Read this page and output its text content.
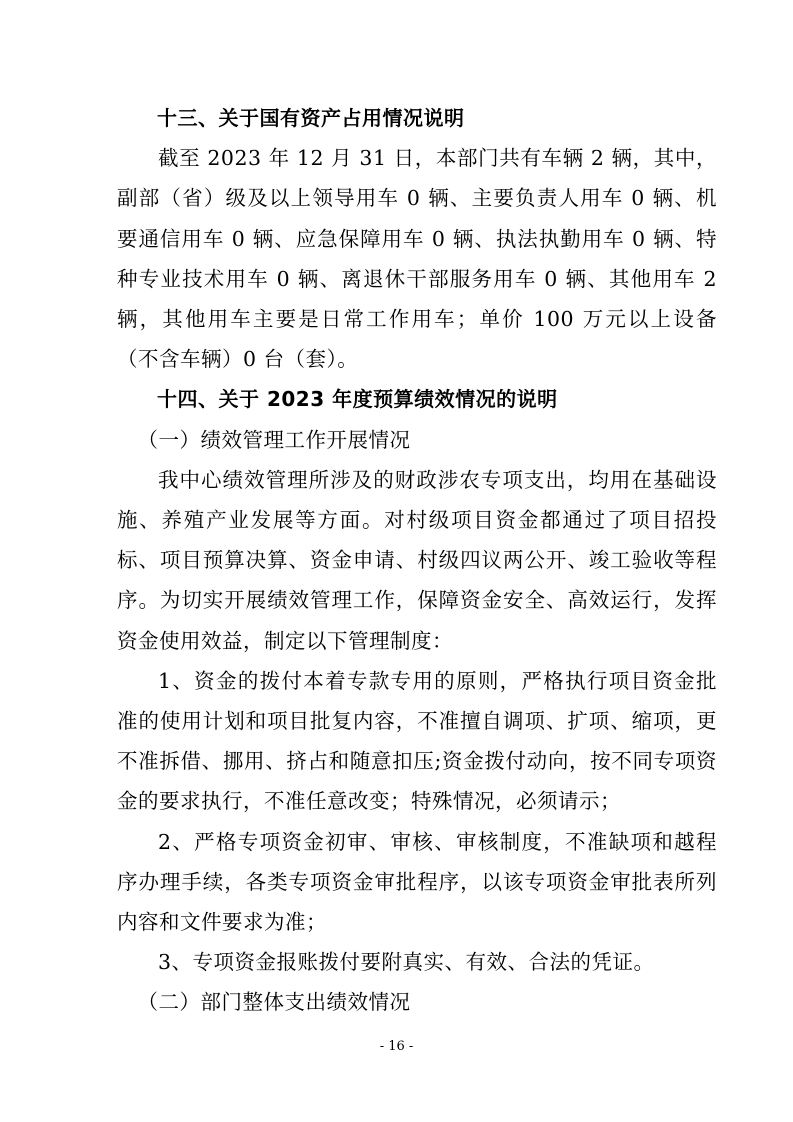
十三、关于国有资产占用情况说明

截至 2023 年 12 月 31 日，本部门共有车辆 2 辆，其中，副部（省）级及以上领导用车 0 辆、主要负责人用车 0 辆、机要通信用车 0 辆、应急保障用车 0 辆、执法执勤用车 0 辆、特种专业技术用车 0 辆、离退休干部服务用车 0 辆、其他用车 2 辆，其他用车主要是日常工作用车；单价 100 万元以上设备（不含车辆）0 台（套）。

十四、关于 2023 年度预算绩效情况的说明

（一）绩效管理工作开展情况

我中心绩效管理所涉及的财政涉农专项支出，均用在基础设施、养殖产业发展等方面。对村级项目资金都通过了项目招投标、项目预算决算、资金申请、村级四议两公开、竣工验收等程序。为切实开展绩效管理工作，保障资金安全、高效运行，发挥资金使用效益，制定以下管理制度：

1、资金的拨付本着专款专用的原则，严格执行项目资金批准的使用计划和项目批复内容，不准擅自调项、扩项、缩项，更不准拆借、挪用、挤占和随意扣压;资金拨付动向，按不同专项资金的要求执行，不准任意改变；特殊情况，必须请示；

2、严格专项资金初审、审核、审核制度，不准缺项和越程序办理手续，各类专项资金审批程序，以该专项资金审批表所列内容和文件要求为准；

3、专项资金报账拨付要附真实、有效、合法的凭证。

（二）部门整体支出绩效情况

- 16 -
